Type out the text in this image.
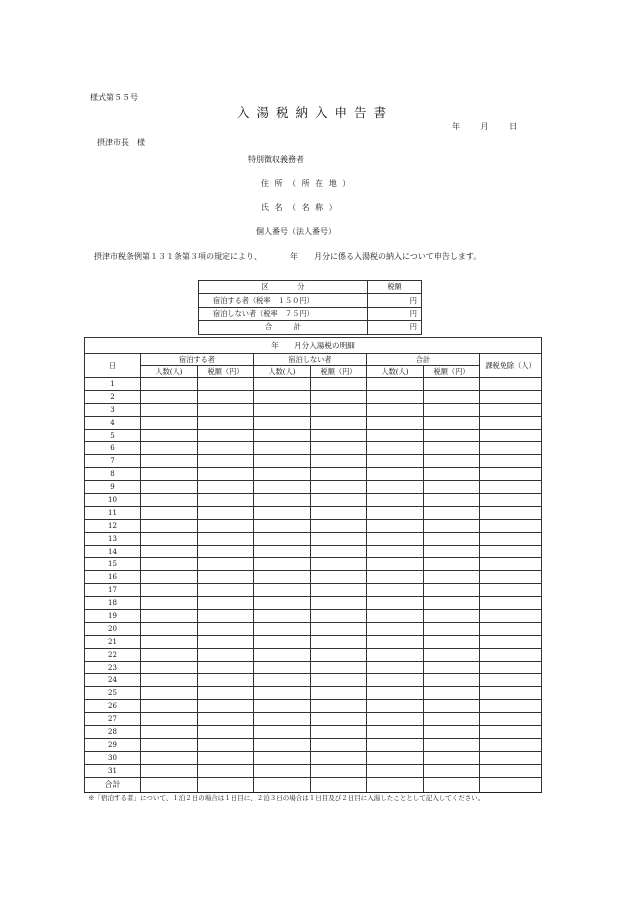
様式第５５号
入湯税納入申告書
年 月 日
摂津市長　様
特別徴収義務者
住 所 （ 所 在 地 ）
氏 名 （ 名 称 ）
個人番号（法人番号）
　摂津市税条例第１３１条第３項の規定により、　　　　年　　月分に係る入湯税の納入について申告します。
区　　　　分	税額
宿泊する者（税率　１５０円）	円
宿泊しない者（税率　７５円）	円
合　　　計	円
年　　月分入湯税の明細							
日	宿泊する者		宿泊しない者		合計		課税免除（人）
	人数(人)	税額（円）	人数(人)	税額（円）	人数(人)	税額（円）	
1							
2							
3							
4							
5							
6							
7							
8							
9							
10							
11							
12							
13							
14							
15							
16							
17							
18							
19							
20							
21							
22							
23							
24							
25							
26							
27							
28							
29							
30							
31							
合計							
※「宿泊する者」について、１泊２日の場合は１日目に、２泊３日の場合は１日目及び２日目に入湯したこととして記入してください。
